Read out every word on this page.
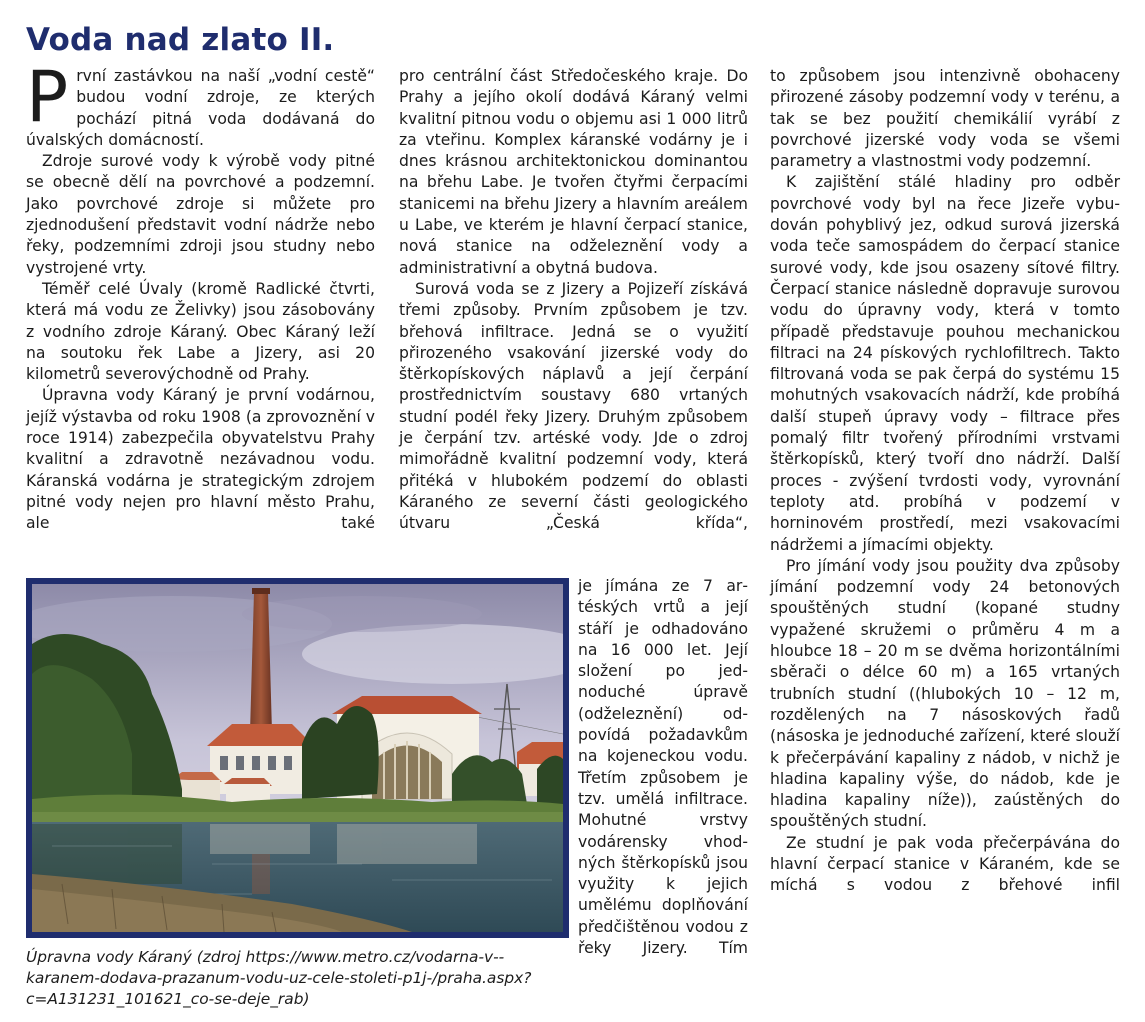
Voda nad zlato II.

P rvní zastávkou na naší „vodní cestě“ budou vodní zdroje, ze kterých pochází pitná voda dodávaná do úvalských domácností.

Zdroje surové vody k výrobě vody pitné se obecně dělí na povrchové a podzemní. Jako povrchové zdroje si můžete pro zjednodušení představit vodní nádrže nebo řeky, podzemními zdroji jsou studny nebo vystrojené vrty.

Téměř celé Úvaly (kromě Radlické čtvrti, která má vodu ze Želivky) jsou zásobovány z vodního zdroje Káraný. Obec Káraný leží na soutoku řek Labe a Jizery, asi 20 kilometrů severovýchodně od Prahy.

Úpravna vody Káraný je první vodárnou, jejíž výstavba od roku 1908 (a zprovoznění v roce 1914) zabezpečila obyvatelstvu Prahy kvalitní a zdravotně nezávadnou vodu. Káranská vodárna je strategickým zdrojem pitné vody nejen pro hlavní město Prahu, ale také

pro centrální část Středočeského kraje. Do Prahy a jejího okolí dodává Káraný velmi kvalitní pitnou vodu o objemu asi 1 000 litrů za vteřinu. Komplex káranské vodárny je i dnes krásnou architektonickou dominantou na břehu Labe. Je tvořen čtyřmi čerpacími stanicemi na břehu Jizery a hlavním areálem u Labe, ve kterém je hlavní čerpací stanice, nová stanice na odželeznění vody a administrativní a obytná budova.

Surová voda se z Jizery a Pojizeří získává třemi způsoby. Prvním způsobem je tzv. břehová infiltrace. Jedná se o využití přirozeného vsakování jizerské vody do štěrkopískových náplavů a její čerpání prostřednictvím soustavy 680 vrtaných studní podél řeky Jizery. Druhým způsobem je čerpání tzv. artéské vody. Jde o zdroj mimořádně kvalitní podzemní vody, která přitéká v hlubokém podzemí do oblasti Káraného ze severní části geologického útvaru „Česká křída“,

je jímána ze 7 artéských vrtů a její stáří je odhadováno na 16 000 let. Její složení po jednoduché úpravě (odželeznění) odpovídá požadavkům na kojeneckou vodu. Třetím způsobem je tzv. umělá infiltrace. Mohutné vrstvy vodárensky vhodných štěrkopísků jsou využity k jejich umělému doplňování předčištěnou vodou z řeky Jizery. Tím

to způsobem jsou intenzivně obohaceny přirozené zásoby podzemní vody v terénu, a tak se bez použití chemikálií vyrábí z povrchové jizerské vody voda se všemi parametry a vlastnostmi vody podzemní.

K zajištění stálé hladiny pro odběr povrchové vody byl na řece Jizeře vybudován pohyblivý jez, odkud surová jizerská voda teče samospádem do čerpací stanice surové vody, kde jsou osazeny sítové filtry. Čerpací stanice následně dopravuje surovou vodu do úpravny vody, která v tomto případě představuje pouhou mechanickou filtraci na 24 pískových rychlofiltrech. Takto filtrovaná voda se pak čerpá do systému 15 mohutných vsakovacích nádrží, kde probíhá další stupeň úpravy vody – filtrace přes pomalý filtr tvořený přírodními vrstvami štěrkopísků, který tvoří dno nádrží. Další proces - zvýšení tvrdosti vody, vyrovnání teploty atd. probíhá v podzemí v horninovém prostředí, mezi vsakovacími nádržemi a jímacími objekty.

Pro jímání vody jsou použity dva způsoby jímání podzemní vody 24 betonových spouštěných studní (kopané studny vypažené skružemi o průměru 4 m a hloubce 18 – 20 m se dvěma horizontálními sběrači o délce 60 m) a 165 vrtaných trubních studní ((hlubokých 10 – 12 m, rozdělených na 7 násoskových řadů (násoska je jednoduché zařízení, které slouží k přečerpávání kapaliny z nádob, v nichž je hladina kapaliny výše, do nádob, kde je hladina kapaliny níže)), zaústěných do spouštěných studní.

Ze studní je pak voda přečerpávána do hlavní čerpací stanice v Káraném, kde se míchá s vodou z břehové infil

Úpravna vody Káraný (zdroj https://www.metro.cz/vodarna-v--karanem-dodava-prazanum-vodu-uz-cele-stoleti-p1j-/praha.aspx?c=A131231_101621_co-se-deje_rab)
